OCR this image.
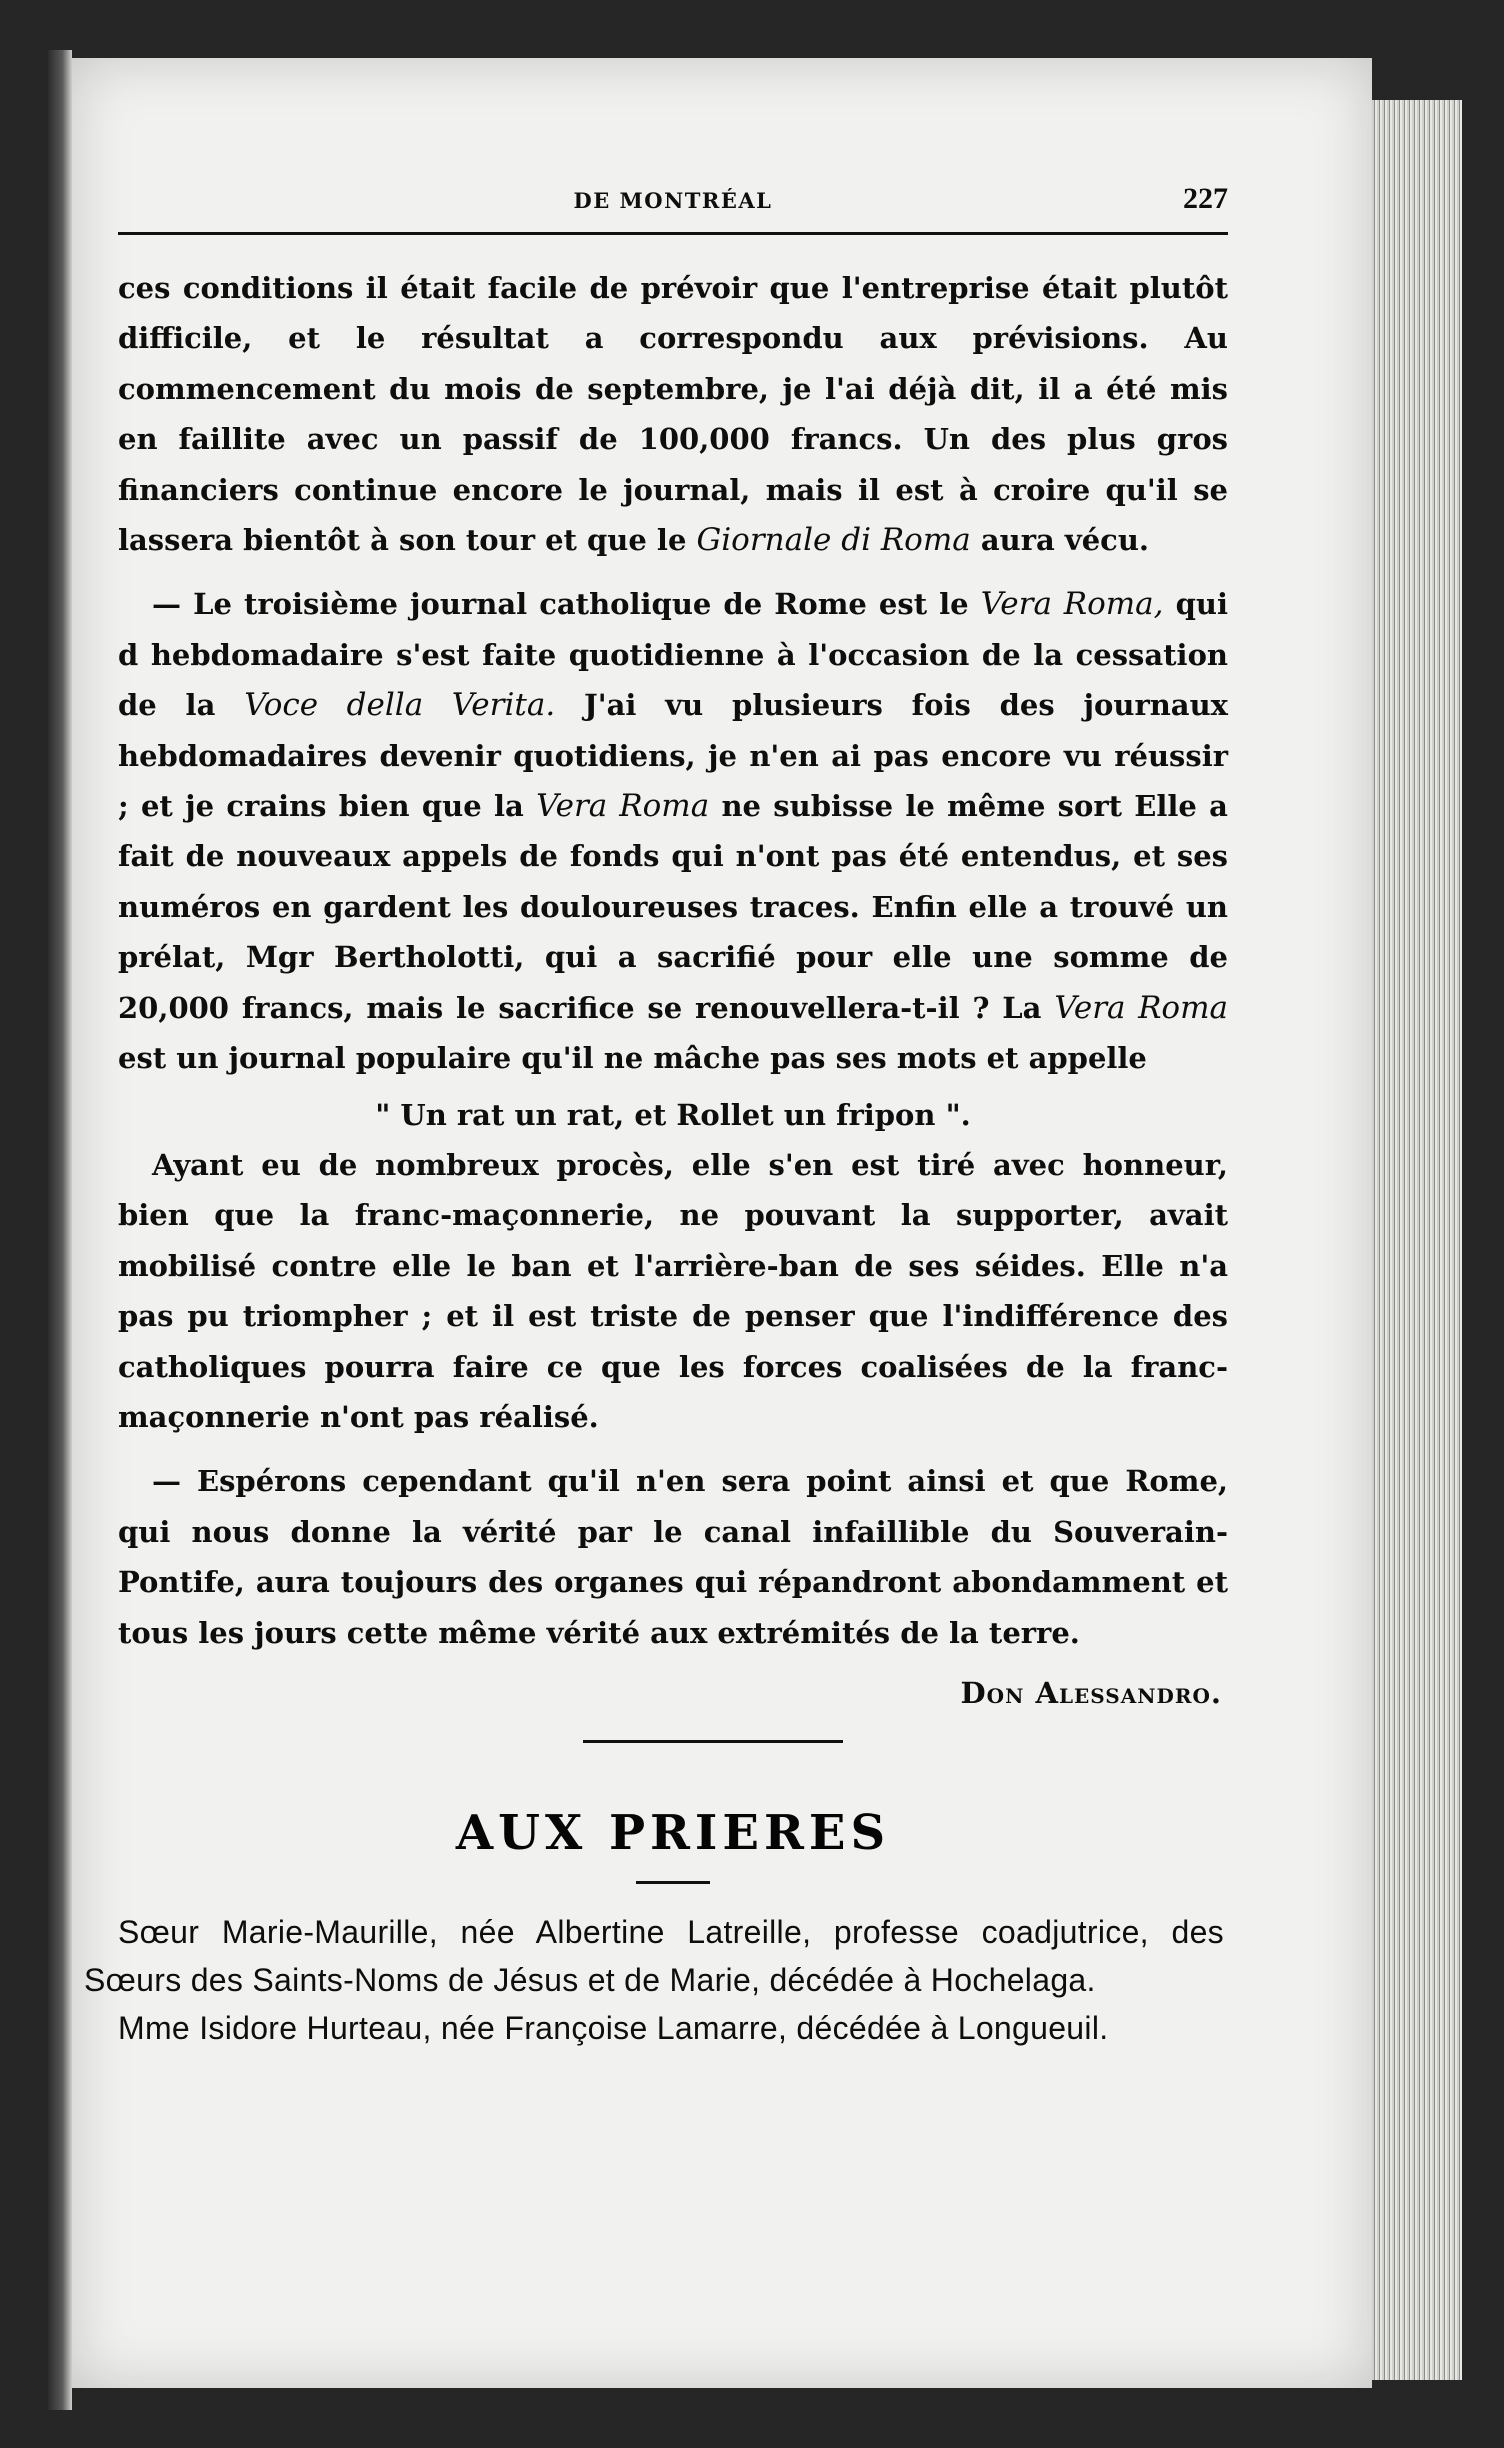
DE MONTRÉAL	227

ces conditions il était facile de prévoir que l'entreprise était plutôt difficile, et le résultat a correspondu aux prévisions. Au commencement du mois de septembre, je l'ai déjà dit, il a été mis en faillite avec un passif de 100,000 francs. Un des plus gros financiers continue encore le journal, mais il est à croire qu'il se lassera bientôt à son tour et que le Giornale di Roma aura vécu.

— Le troisième journal catholique de Rome est le Vera Roma, qui d hebdomadaire s'est faite quotidienne à l'occasion de la cessation de la Voce della Verita. J'ai vu plusieurs fois des journaux hebdomadaires devenir quotidiens, je n'en ai pas encore vu réussir ; et je crains bien que la Vera Roma ne subisse le même sort Elle a fait de nouveaux appels de fonds qui n'ont pas été entendus, et ses numéros en gardent les douloureuses traces. Enfin elle a trouvé un prélat, Mgr Bertholotti, qui a sacrifié pour elle une somme de 20,000 francs, mais le sacrifice se renouvellera-t-il ? La Vera Roma est un journal populaire qu'il ne mâche pas ses mots et appelle

" Un rat un rat, et Rollet un fripon ".

Ayant eu de nombreux procès, elle s'en est tiré avec honneur, bien que la franc-maçonnerie, ne pouvant la supporter, avait mobilisé contre elle le ban et l'arrière-ban de ses séides. Elle n'a pas pu triompher ; et il est triste de penser que l'indifférence des catholiques pourra faire ce que les forces coalisées de la franc-maçonnerie n'ont pas réalisé.

— Espérons cependant qu'il n'en sera point ainsi et que Rome, qui nous donne la vérité par le canal infaillible du Souverain-Pontife, aura toujours des organes qui répandront abondamment et tous les jours cette même vérité aux extrémités de la terre.

Don Alessandro.

AUX PRIERES

Sœur Marie-Maurille, née Albertine Latreille, professe coadjutrice, des Sœurs des Saints-Noms de Jésus et de Marie, décédée à Hochelaga.

Mme Isidore Hurteau, née Françoise Lamarre, décédée à Longueuil.
